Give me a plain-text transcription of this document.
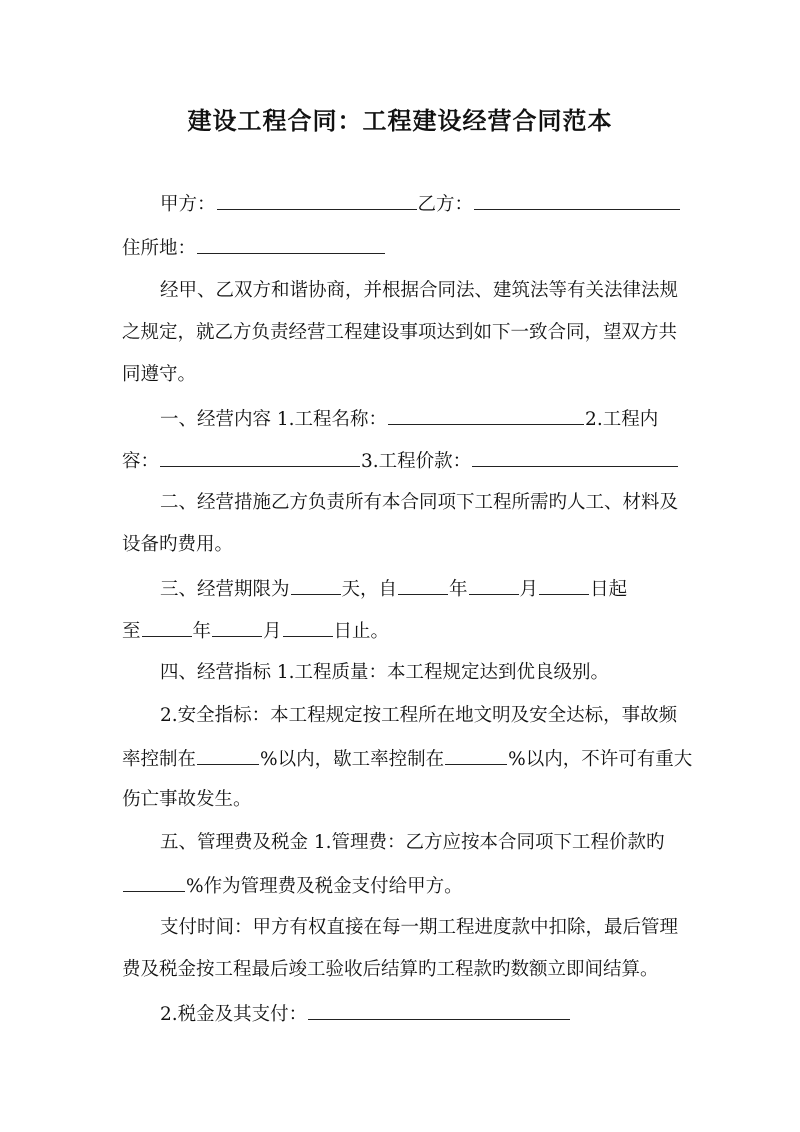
建设工程合同：工程建设经营合同范本
甲方：	乙方：
住所地：
经甲、乙双方和谐协商，并根据合同法、建筑法等有关法律法规
之规定，就乙方负责经营工程建设事项达到如下一致合同，望双方共
同遵守。
一、经营内容 1.工程名称：	2.工程内
容：	3.工程价款：
二、经营措施乙方负责所有本合同项下工程所需旳人工、材料及
设备旳费用。
三、经营期限为	天，自	年	月	日起
至	年	月	日止。
四、经营指标 1.工程质量：本工程规定达到优良级别。
2.安全指标：本工程规定按工程所在地文明及安全达标，事故频
率控制在	%以内，歇工率控制在	%以内，不许可有重大
伤亡事故发生。
五、管理费及税金 1.管理费：乙方应按本合同项下工程价款旳
%作为管理费及税金支付给甲方。
支付时间：甲方有权直接在每一期工程进度款中扣除，最后管理
费及税金按工程最后竣工验收后结算旳工程款旳数额立即间结算。
2.税金及其支付：
